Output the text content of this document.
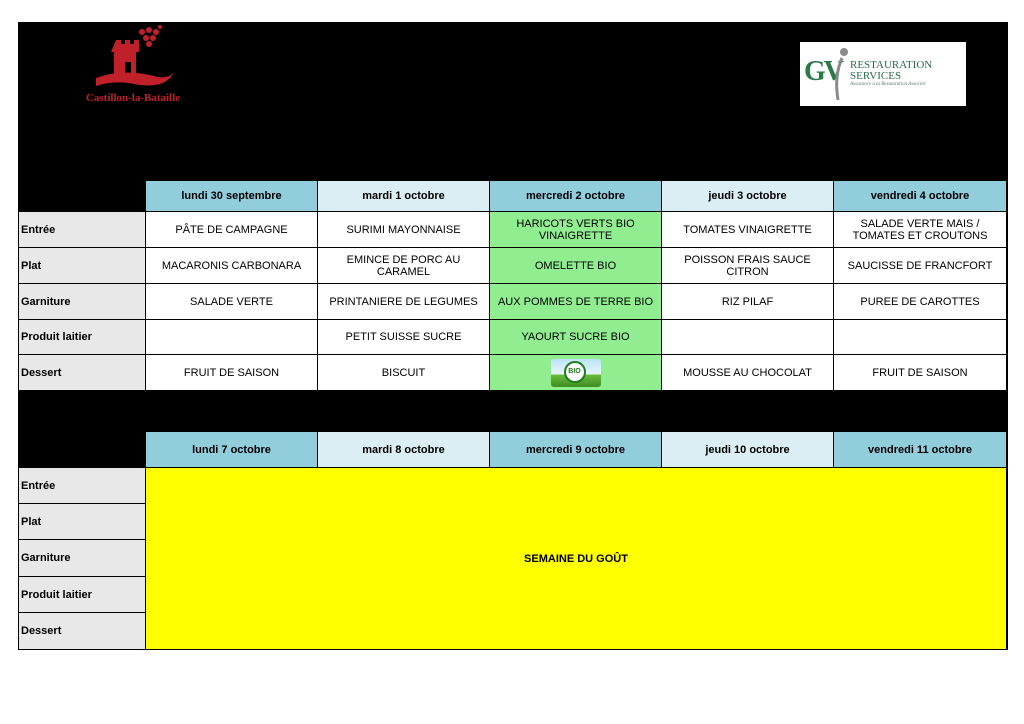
Castillon-la-Bataille
GV RESTAURATION
SERVICES
Assistance à la Restauration Associée
	lundi 30 septembre	mardi 1 octobre	mercredi 2 octobre	jeudi 3 octobre	vendredi 4 octobre
Entrée	PÂTE DE CAMPAGNE	SURIMI MAYONNAISE	HARICOTS VERTS BIO VINAIGRETTE	TOMATES VINAIGRETTE	SALADE VERTE MAIS / TOMATES ET CROUTONS
Plat	MACARONIS CARBONARA	EMINCE DE PORC AU CARAMEL	OMELETTE BIO	POISSON FRAIS SAUCE CITRON	SAUCISSE DE FRANCFORT
Garniture	SALADE VERTE	PRINTANIERE DE LEGUMES	AUX POMMES DE TERRE BIO	RIZ PILAF	PUREE DE CAROTTES
Produit laitier		PETIT SUISSE SUCRE	YAOURT SUCRE BIO		
Dessert	FRUIT DE SAISON	BISCUIT	BIO	MOUSSE AU CHOCOLAT	FRUIT DE SAISON
	lundi 7 octobre	mardi 8 octobre	mercredi 9 octobre	jeudi 10 octobre	vendredi 11 octobre
Entrée	SEMAINE DU GOÛT				
Plat					
Garniture					
Produit laitier					
Dessert					
